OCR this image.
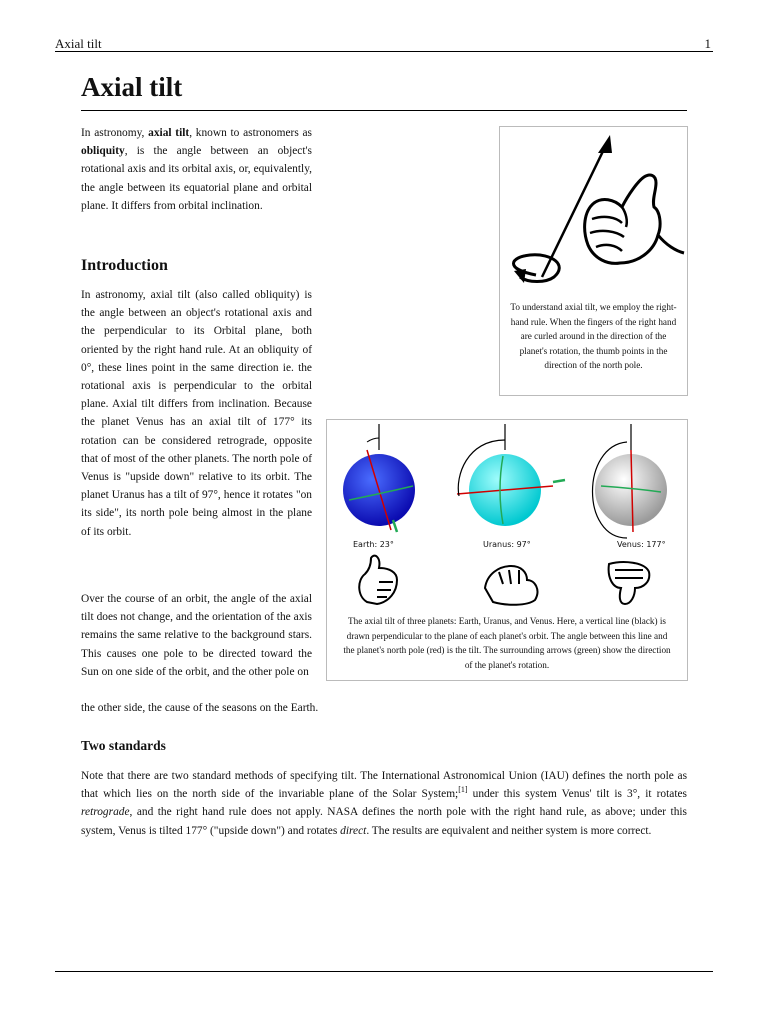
Axial tilt	1
Axial tilt

In astronomy, axial tilt, known to astronomers as obliquity, is the angle between an object's rotational axis and its orbital axis, or, equivalently, the angle between its equatorial plane and orbital plane. It differs from orbital inclination.

Introduction

In astronomy, axial tilt (also called obliquity) is the angle between an object's rotational axis and the perpendicular to its Orbital plane, both oriented by the right hand rule. At an obliquity of 0°, these lines point in the same direction ie. the rotational axis is perpendicular to the orbital plane. Axial tilt differs from inclination. Because the planet Venus has an axial tilt of 177° its rotation can be considered retrograde, opposite that of most of the other planets. The north pole of Venus is "upside down" relative to its orbit. The planet Uranus has a tilt of 97°, hence it rotates "on its side", its north pole being almost in the plane of its orbit.

Over the course of an orbit, the angle of the axial tilt does not change, and the orientation of the axis remains the same relative to the background stars. This causes one pole to be directed toward the Sun on one side of the orbit, and the other pole on

the other side, the cause of the seasons on the Earth.

Two standards

Note that there are two standard methods of specifying tilt. The International Astronomical Union (IAU) defines the north pole as that which lies on the north side of the invariable plane of the Solar System;[1] under this system Venus' tilt is 3°, it rotates retrograde, and the right hand rule does not apply. NASA defines the north pole with the right hand rule, as above; under this system, Venus is tilted 177° ("upside down") and rotates direct. The results are equivalent and neither system is more correct.

To understand axial tilt, we employ the right-hand rule. When the fingers of the right hand are curled around in the direction of the planet's rotation, the thumb points in the direction of the north pole.
Earth: 23°	Uranus: 97°	Venus: 177°
The axial tilt of three planets: Earth, Uranus, and Venus. Here, a vertical line (black) is drawn perpendicular to the plane of each planet's orbit. The angle between this line and the planet's north pole (red) is the tilt. The surrounding arrows (green) show the direction of the planet's rotation.
